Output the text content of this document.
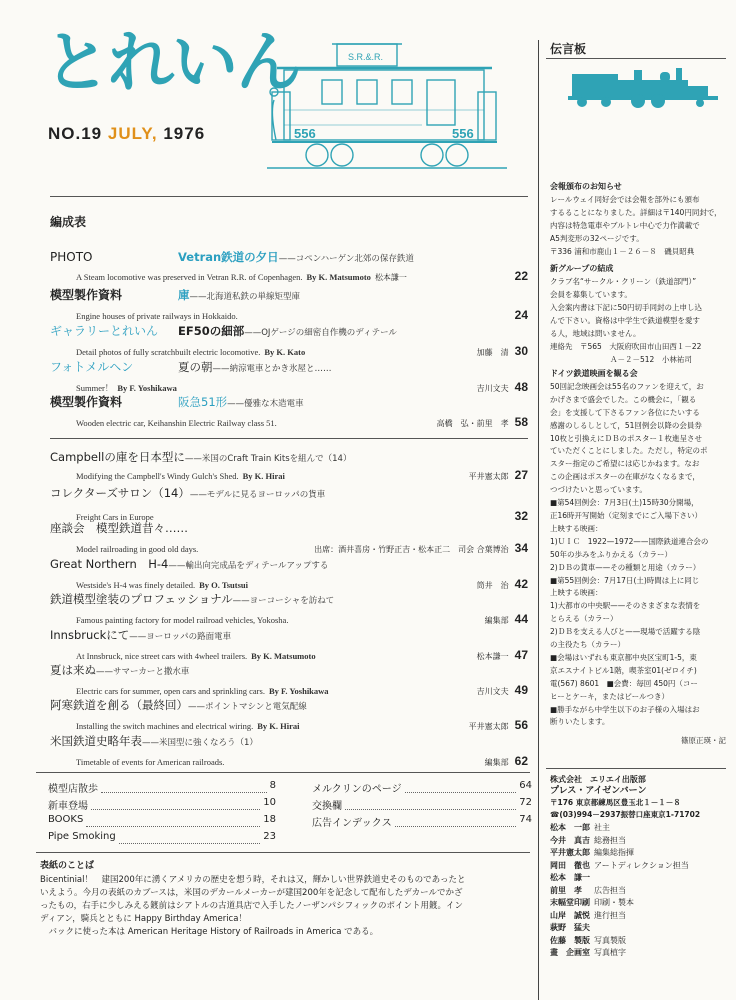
とれいん
NO.19 JULY, 1976
S.R.&.R.
556	556
編成表
PHOTO	Vetran鉄道の夕日 ——コペンハーゲン北郊の保存鉄道
A Steam locomotive was preserved in Vetran R.R. of Copenhagen. By K. Matsumoto 松本謙一	22
模型製作資料	庫 ——北海道私鉄の単線矩型庫
Engine houses of private railways in Hokkaido.	24
ギャラリーとれいん	EF50の細部 ——OJゲージの細密自作機のディテール
Detail photos of fully scratchbuilt electric locomotive. By K. Kato	加藤　清 30
フォトメルヘン	夏の朝 ——納涼電車とかき氷屋と……
Summer！ By F. Yoshikawa	吉川文夫 48
模型製作資料	阪急51形 ——優雅な木造電車
Wooden electric car, Keihanshin Electric Railway class 51.	高橋　弘・前里　孝 58
Campbellの庫を日本型に——米国のCraft Train Kitsを組んで（14）
Modifying the Campbell's Windy Gulch's Shed. By K. Hirai	平井憲太郎 27
コレクターズサロン（14）——モデルに見るヨーロッパの貨車
Freight Cars in Europe	32
座談会　模型鉄道昔々……
Model railroading in good old days.	出席：酒井喜房・竹野正吉・松本正二　司会 合葉博治 34
Great Northern　H-4——輸出向完成品をディテールアップする
Westside's H-4 was finely detailed. By O. Tsutsui	筒井　治 42
鉄道模型塗装のプロフェッショナル——ヨーコーシャを訪ねて
Famous painting factory for model railroad vehicles, Yokosha.	編集部 44
Innsbruckにて——ヨーロッパの路面電車
At Innsbruck, nice street cars with 4wheel trailers. By K. Matsumoto	松本謙一 47
夏は来ぬ——サマーカーと撒水車
Electric cars for summer, open cars and sprinkling cars. By F. Yoshikawa	吉川文夫 49
阿寒鉄道を創る（最終回）——ポイントマシンと電気配線
Installing the switch machines and electrical wiring. By K. Hirai	平井憲太郎 56
米国鉄道史略年表——米国型に強くなろう（1）
Timetable of events for American railroads.	編集部 62
模型店散歩	8
新車登場	10
BOOKS	18
Pipe Smoking	23
メルクリンのページ	64
交換欄	72
広告インデックス	74
表紙のことば
Bicentinial！　建国200年に湧くアメリカの歴史を想う時，それは又，輝かしい世界鉄道史そのものであったと
いえよう。今月の表紙のカブースは，米国のデカールメーカーが建国200年を記念して配布したデカールでかざ
ったもの，右手に少しみえる鍍前はシアトルの古道具店で入手したノーザンパシフィックのポイント用鍍。イン
ディアン，騎兵とともに Happy Birthday America！
　バックに使った本は American Heritage History of Railroads in America である。
伝言板
会報頒布のお知らせ
レールウェイ同好会では会報を部外にも頒布
するることになりました。詳細は〒140円同封で，
内容は特急電車やブルトレ中心で力作満載で
A5判変形の32ページです。
〒336 浦和市鹿山１－２６－８　磯貝昭典
新グループの結成
クラブ名“サークル・クリーン（鉄道部門）”
会員を募集しています。
入会案内書は下記に50円切手同封の上申し込
んで下さい。資格は中学生で鉄道模型を愛す
る人，地域は問いません。
連絡先　〒565　大阪府吹田市山田西１－22
　　　　　　　　Ａ－２－512　小林祐司
ドイツ鉄道映画を観る会
50回記念映画会は55名のファンを迎えて，お
かげさまで盛会でした。この機会に，「観る
会」を支援して下さるファン各位にたいする
感謝のしるしとして，51回例会以降の会員券
10枚と引換えにＤＢのポスター１枚進呈させ
ていただくことにしました。ただし，特定のポ
スター指定のご希望には応じかねます。なお
この企画はポスターの在庫がなくなるまで，
つづけたいと思っています。
■第54回例会：7月3日(土)15時30分開場，
正16時开写開始（定刻までにご入場下さい）
上映する映画：
1)ＵＩＣ　1922—1972——国際鉄道連合会の
50年の歩みをふりかえる（カラー）
2)ＤＢの貨車——その種類と用途（カラー）
■第55回例会：7月17日(土)時間は上に同じ
上映する映画：
1)大都市の中央駅——そのさまざまな表情を
とらえる（カラー）
2)ＤＢを支える人びと——現場で活躍する陰
の主役たち（カラー）
■会場はいずれも東京都中央区宝町1-5，東
京エスナイトビル1階，喫茶室01(ゼロイチ)
電(567) 8601　■会費：毎回 450円（コー
ヒーとケーキ，またはビールつき）
■勝手ながら中学生以下のお子様の入場はお
断りいたします。
篠原正瑛・記
株式会社　エリエイ出版部
プレス・アイゼンバーン
〒176 東京都練馬区豊玉北１－１－８
☎(03)994－2937振替口座東京1-71702
松本　一郎 社主
今井　真吉 総務担当
平井憲太郎 編集総指揮
岡田　徹也 アートディレクション担当
松本　謙一
前里　孝 広告担当
末幅堂印刷 印刷・製本
山岸　誠悦 進行担当
萩野　猛夫
佐藤　製版 写真製版
畫　企画室 写真植字
